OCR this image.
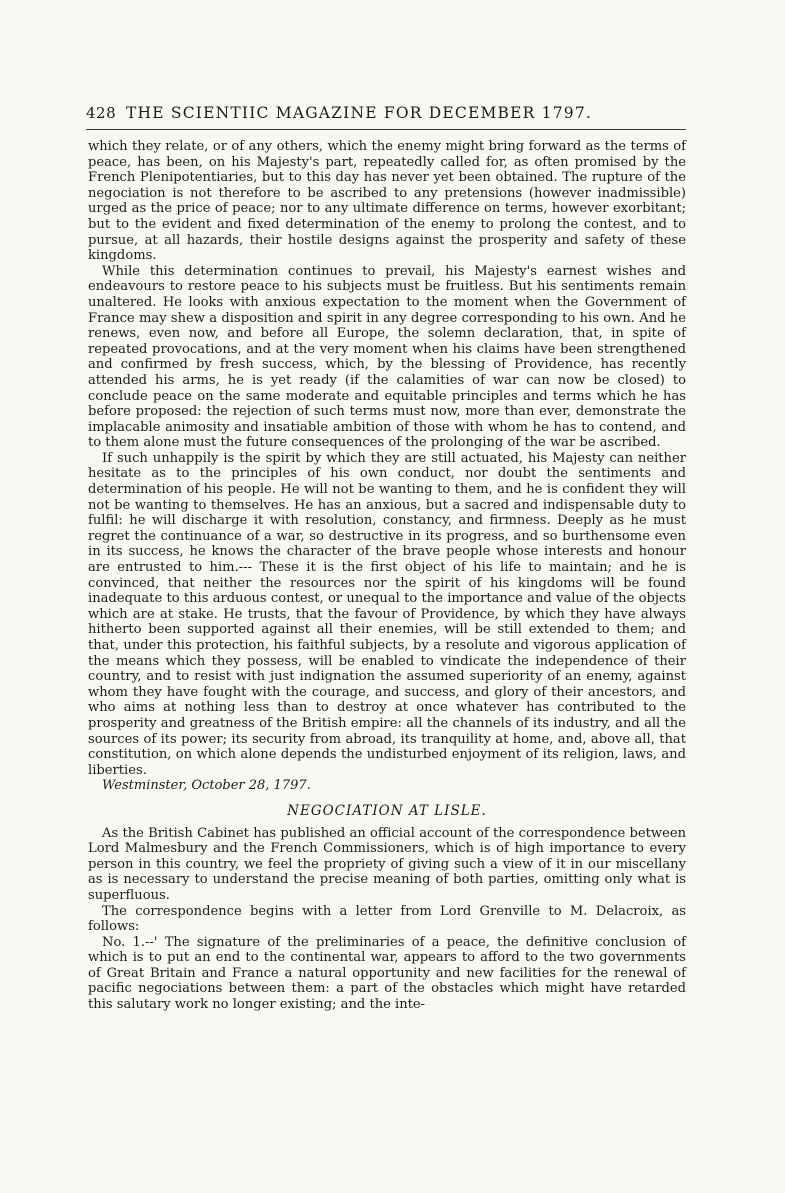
428 THE SCIENTIIC MAGAZINE FOR DECEMBER 1797.

which they relate, or of any others, which the enemy might bring forward as the terms of peace, has been, on his Majesty's part, repeatedly called for, as often promised by the French Plenipotentiaries, but to this day has never yet been obtained. The rupture of the negociation is not therefore to be ascribed to any pretensions (however inadmissible) urged as the price of peace; nor to any ultimate difference on terms, however exorbitant; but to the evident and fixed determination of the enemy to prolong the contest, and to pursue, at all hazards, their hostile designs against the prosperity and safety of these kingdoms.

While this determination continues to prevail, his Majesty's earnest wishes and endeavours to restore peace to his subjects must be fruitless. But his sentiments remain unaltered. He looks with anxious expectation to the moment when the Government of France may shew a disposition and spirit in any degree corresponding to his own. And he renews, even now, and before all Europe, the solemn declaration, that, in spite of repeated provocations, and at the very moment when his claims have been strengthened and confirmed by fresh success, which, by the blessing of Providence, has recently attended his arms, he is yet ready (if the calamities of war can now be closed) to conclude peace on the same moderate and equitable principles and terms which he has before proposed: the rejection of such terms must now, more than ever, demonstrate the implacable animosity and insatiable ambition of those with whom he has to contend, and to them alone must the future consequences of the prolonging of the war be ascribed.

If such unhappily is the spirit by which they are still actuated, his Majesty can neither hesitate as to the principles of his own conduct, nor doubt the sentiments and determination of his people. He will not be wanting to them, and he is confident they will not be wanting to themselves. He has an anxious, but a sacred and indispensable duty to fulfil: he will discharge it with resolution, constancy, and firmness. Deeply as he must regret the continuance of a war, so destructive in its progress, and so burthensome even in its success, he knows the character of the brave people whose interests and honour are entrusted to him.--- These it is the first object of his life to maintain; and he is convinced, that neither the resources nor the spirit of his kingdoms will be found inadequate to this arduous contest, or unequal to the importance and value of the objects which are at stake. He trusts, that the favour of Providence, by which they have always hitherto been supported against all their enemies, will be still extended to them; and that, under this protection, his faithful subjects, by a resolute and vigorous application of the means which they possess, will be enabled to vindicate the independence of their country, and to resist with just indignation the assumed superiority of an enemy, against whom they have fought with the courage, and success, and glory of their ancestors, and who aims at nothing less than to destroy at once whatever has contributed to the prosperity and greatness of the British empire: all the channels of its industry, and all the sources of its power; its security from abroad, its tranquility at home, and, above all, that constitution, on which alone depends the undisturbed enjoyment of its religion, laws, and liberties.

Westminster, October 28, 1797.
NEGOCIATION AT LISLE.

As the British Cabinet has published an official account of the correspondence between Lord Malmesbury and the French Commissioners, which is of high importance to every person in this country, we feel the propriety of giving such a view of it in our miscellany as is necessary to understand the precise meaning of both parties, omitting only what is superfluous.

The correspondence begins with a letter from Lord Grenville to M. Delacroix, as follows:

No. 1.--' The signature of the preliminaries of a peace, the definitive conclusion of which is to put an end to the continental war, appears to afford to the two governments of Great Britain and France a natural opportunity and new facilities for the renewal of pacific negociations between them: a part of the obstacles which might have retarded this salutary work no longer existing; and the inte-
